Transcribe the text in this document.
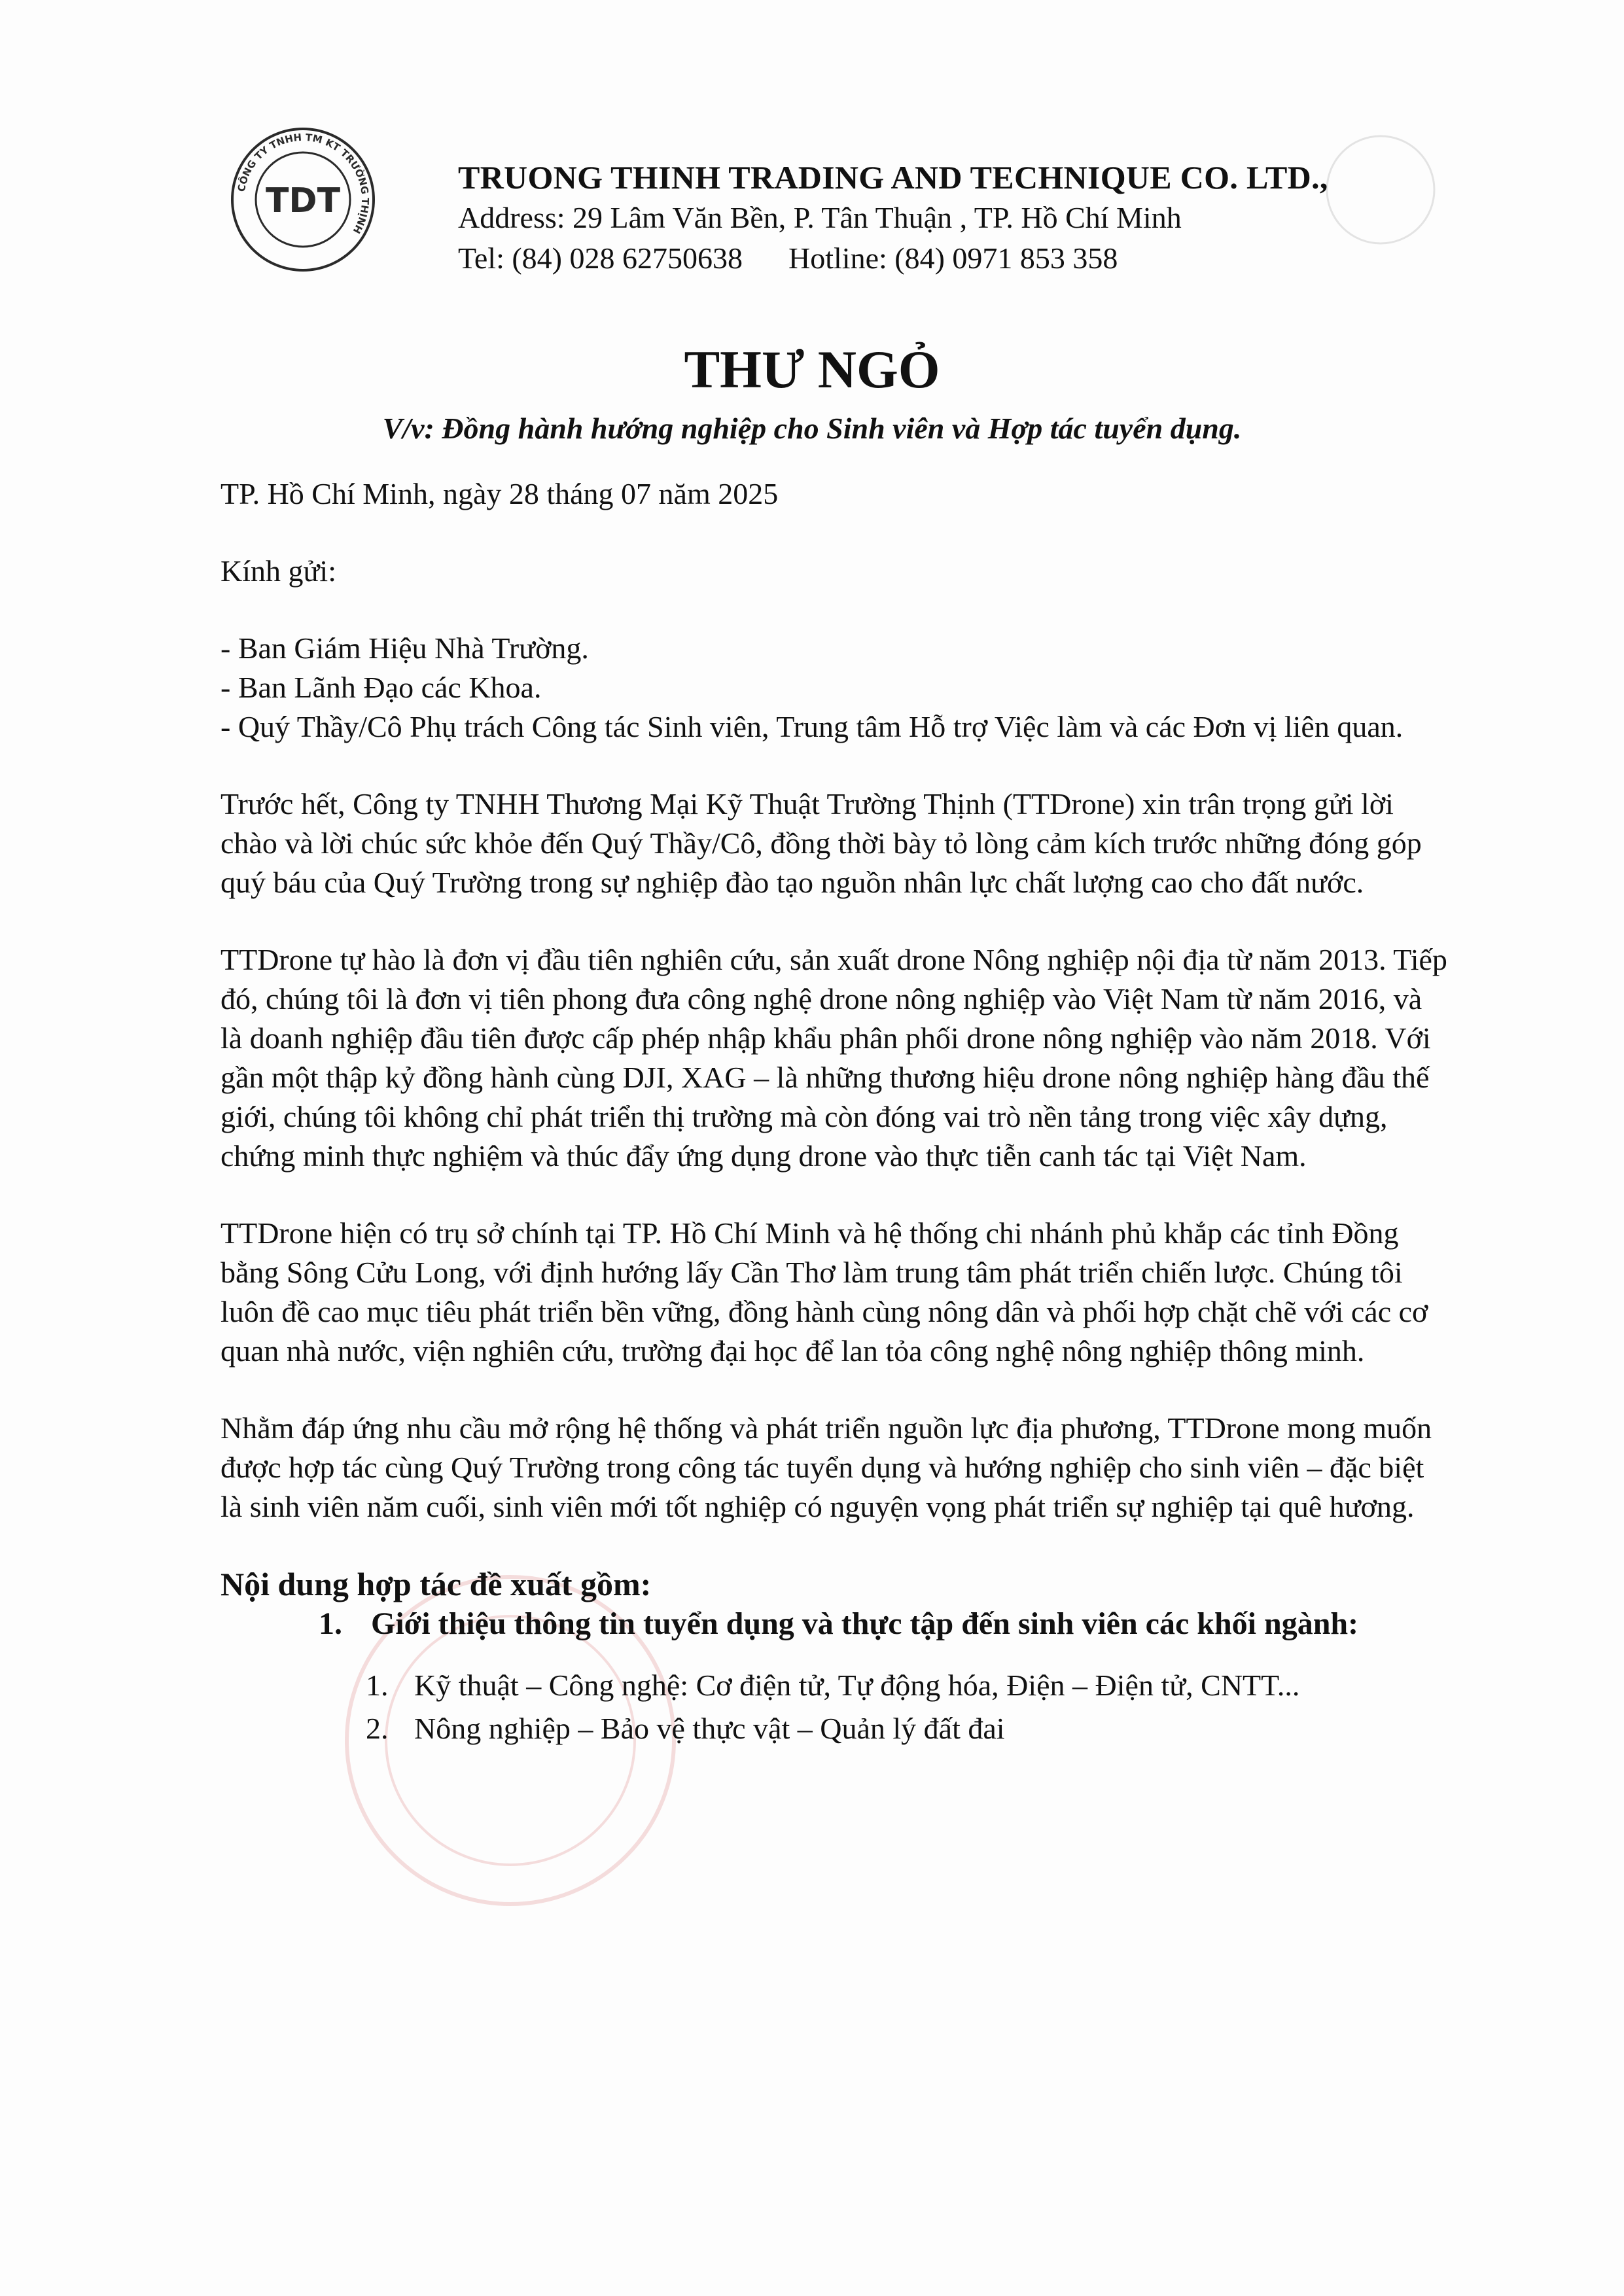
CÔNG TY TNHH TM KT TRƯỜNG THỊNH
TDT
TRUONG THINH TRADING AND TECHNIQUE CO. LTD.,
Address: 29 Lâm Văn Bền, P. Tân Thuận , TP. Hồ Chí Minh
Tel: (84) 028 62750638 Hotline: (84) 0971 853 358
THƯ NGỎ
V/v: Đồng hành hướng nghiệp cho Sinh viên và Hợp tác tuyển dụng.

TP. Hồ Chí Minh, ngày 28 tháng 07 năm 2025

Kính gửi:

- Ban Giám Hiệu Nhà Trường.

- Ban Lãnh Đạo các Khoa.

- Quý Thầy/Cô Phụ trách Công tác Sinh viên, Trung tâm Hỗ trợ Việc làm và các Đơn vị liên quan.

Trước hết, Công ty TNHH Thương Mại Kỹ Thuật Trường Thịnh (TTDrone) xin trân trọng gửi lời chào và lời chúc sức khỏe đến Quý Thầy/Cô, đồng thời bày tỏ lòng cảm kích trước những đóng góp quý báu của Quý Trường trong sự nghiệp đào tạo nguồn nhân lực chất lượng cao cho đất nước.

TTDrone tự hào là đơn vị đầu tiên nghiên cứu, sản xuất drone Nông nghiệp nội địa từ năm 2013. Tiếp đó, chúng tôi là đơn vị tiên phong đưa công nghệ drone nông nghiệp vào Việt Nam từ năm 2016, và là doanh nghiệp đầu tiên được cấp phép nhập khẩu phân phối drone nông nghiệp vào năm 2018. Với gần một thập kỷ đồng hành cùng DJI, XAG – là những thương hiệu drone nông nghiệp hàng đầu thế giới, chúng tôi không chỉ phát triển thị trường mà còn đóng vai trò nền tảng trong việc xây dựng, chứng minh thực nghiệm và thúc đẩy ứng dụng drone vào thực tiễn canh tác tại Việt Nam.

TTDrone hiện có trụ sở chính tại TP. Hồ Chí Minh và hệ thống chi nhánh phủ khắp các tỉnh Đồng bằng Sông Cửu Long, với định hướng lấy Cần Thơ làm trung tâm phát triển chiến lược. Chúng tôi luôn đề cao mục tiêu phát triển bền vững, đồng hành cùng nông dân và phối hợp chặt chẽ với các cơ quan nhà nước, viện nghiên cứu, trường đại học để lan tỏa công nghệ nông nghiệp thông minh.

Nhằm đáp ứng nhu cầu mở rộng hệ thống và phát triển nguồn lực địa phương, TTDrone mong muốn được hợp tác cùng Quý Trường trong công tác tuyển dụng và hướng nghiệp cho sinh viên – đặc biệt là sinh viên năm cuối, sinh viên mới tốt nghiệp có nguyện vọng phát triển sự nghiệp tại quê hương.

Nội dung hợp tác đề xuất gồm:

1. Giới thiệu thông tin tuyển dụng và thực tập đến sinh viên các khối ngành:
1. Kỹ thuật – Công nghệ: Cơ điện tử, Tự động hóa, Điện – Điện tử, CNTT...
2. Nông nghiệp – Bảo vệ thực vật – Quản lý đất đai
